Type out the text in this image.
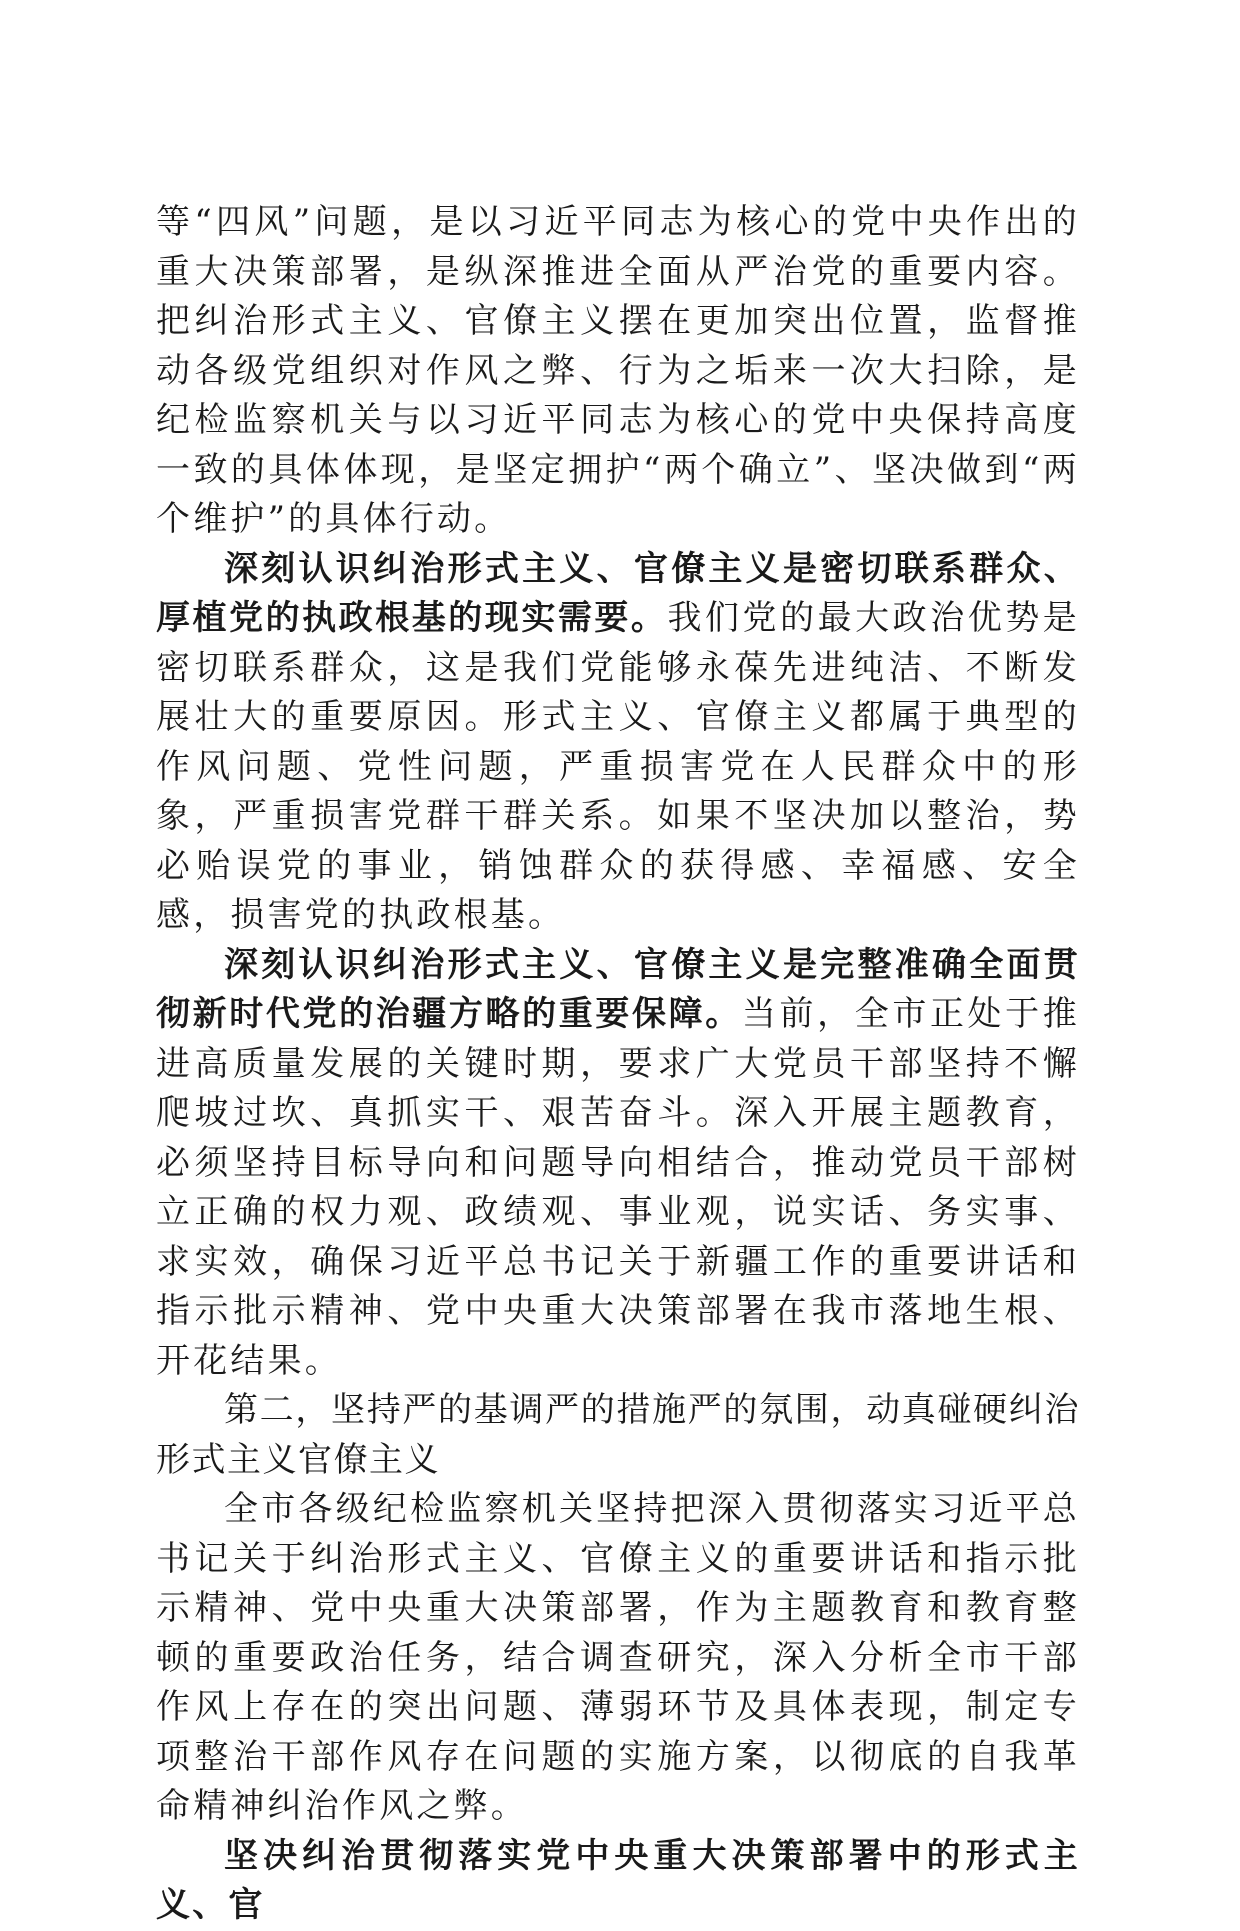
等“四风”问题，是以习近平同志为核心的党中央作出的重大决策部署，是纵深推进全面从严治党的重要内容。把纠治形式主义、官僚主义摆在更加突出位置，监督推动各级党组织对作风之弊、行为之垢来一次大扫除，是纪检监察机关与以习近平同志为核心的党中央保持高度一致的具体体现，是坚定拥护“两个确立”、坚决做到“两个维护”的具体行动。

深刻认识纠治形式主义、官僚主义是密切联系群众、厚植党的执政根基的现实需要。我们党的最大政治优势是密切联系群众，这是我们党能够永葆先进纯洁、不断发展壮大的重要原因。形式主义、官僚主义都属于典型的作风问题、党性问题，严重损害党在人民群众中的形象，严重损害党群干群关系。如果不坚决加以整治，势必贻误党的事业，销蚀群众的获得感、幸福感、安全感，损害党的执政根基。

深刻认识纠治形式主义、官僚主义是完整准确全面贯彻新时代党的治疆方略的重要保障。当前，全市正处于推进高质量发展的关键时期，要求广大党员干部坚持不懈爬坡过坎、真抓实干、艰苦奋斗。深入开展主题教育，必须坚持目标导向和问题导向相结合，推动党员干部树立正确的权力观、政绩观、事业观，说实话、务实事、求实效，确保习近平总书记关于新疆工作的重要讲话和指示批示精神、党中央重大决策部署在我市落地生根、开花结果。

第二，坚持严的基调严的措施严的氛围，动真碰硬纠治形式主义官僚主义

全市各级纪检监察机关坚持把深入贯彻落实习近平总书记关于纠治形式主义、官僚主义的重要讲话和指示批示精神、党中央重大决策部署，作为主题教育和教育整顿的重要政治任务，结合调查研究，深入分析全市干部作风上存在的突出问题、薄弱环节及具体表现，制定专项整治干部作风存在问题的实施方案，以彻底的自我革命精神纠治作风之弊。

坚决纠治贯彻落实党中央重大决策部署中的形式主义、官
